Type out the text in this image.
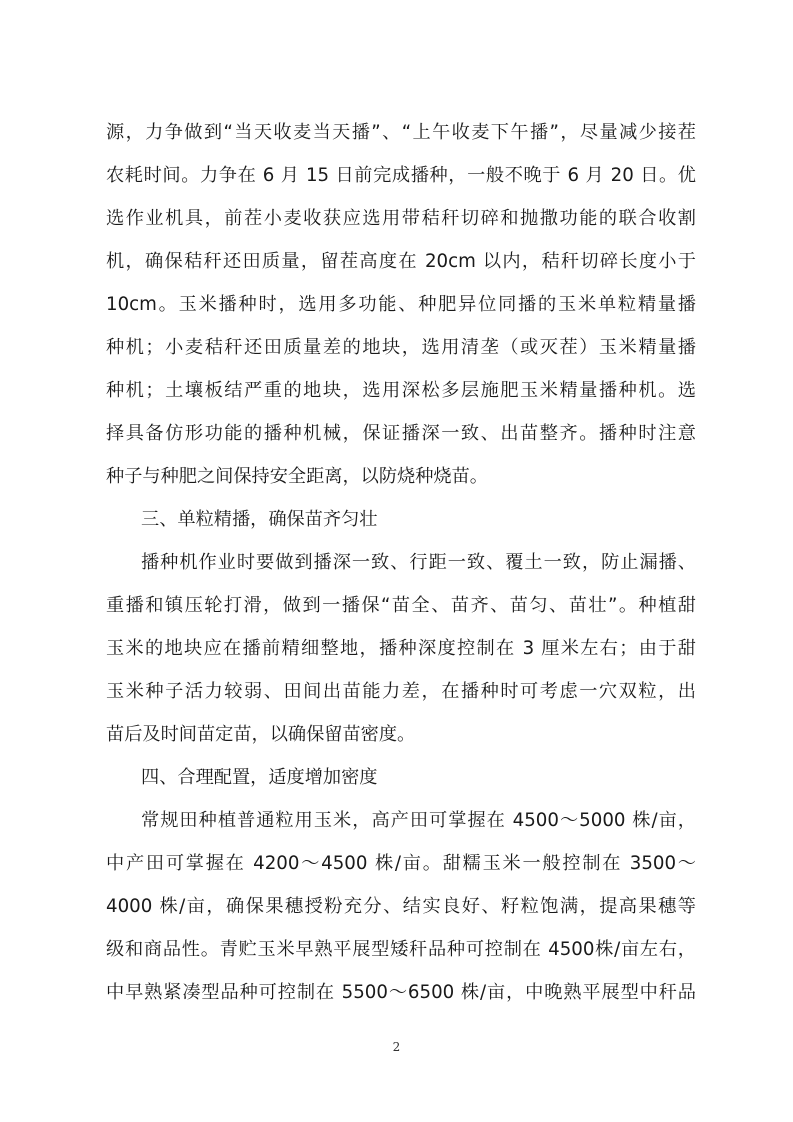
源，力争做到“当天收麦当天播”、“上午收麦下午播”，尽量减少接茬
农耗时间。力争在 6 月 15 日前完成播种，一般不晚于 6 月 20 日。优
选作业机具，前茬小麦收获应选用带秸秆切碎和抛撒功能的联合收割
机，确保秸秆还田质量，留茬高度在 20cm 以内，秸秆切碎长度小于
10cm。玉米播种时，选用多功能、种肥异位同播的玉米单粒精量播
种机；小麦秸秆还田质量差的地块，选用清垄（或灭茬）玉米精量播
种机；土壤板结严重的地块，选用深松多层施肥玉米精量播种机。选
择具备仿形功能的播种机械，保证播深一致、出苗整齐。播种时注意
种子与种肥之间保持安全距离，以防烧种烧苗。
三、单粒精播，确保苗齐匀壮
播种机作业时要做到播深一致、行距一致、覆土一致，防止漏播、
重播和镇压轮打滑，做到一播保“苗全、苗齐、苗匀、苗壮”。种植甜
玉米的地块应在播前精细整地，播种深度控制在 3 厘米左右；由于甜
玉米种子活力较弱、田间出苗能力差，在播种时可考虑一穴双粒，出
苗后及时间苗定苗，以确保留苗密度。
四、合理配置，适度增加密度
常规田种植普通粒用玉米，高产田可掌握在 4500～5000 株/亩，
中产田可掌握在 4200～4500 株/亩。甜糯玉米一般控制在 3500～
4000 株/亩，确保果穗授粉充分、结实良好、籽粒饱满，提高果穗等
级和商品性。青贮玉米早熟平展型矮秆品种可控制在 4500株/亩左右，
中早熟紧凑型品种可控制在 5500～6500 株/亩，中晚熟平展型中秆品
2
